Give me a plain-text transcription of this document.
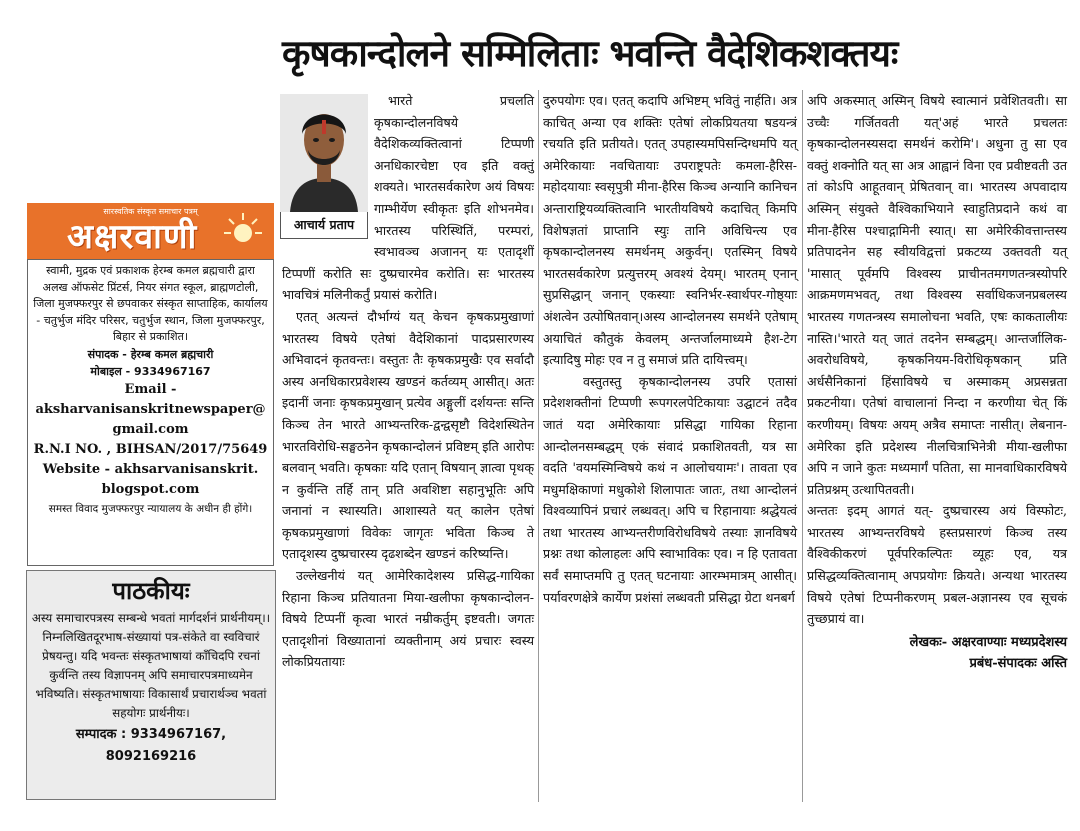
कृषकान्दोलने सम्मिलिताः भवन्ति वैदेशिकशक्तयः
सारस्वतिक संस्कृत समाचार पत्रम्
अक्षरवाणी
स्वामी, मुद्रक एवं प्रकाशक हेरम्ब कमल ब्रह्मचारी द्वारा अलख ऑफसेट प्रिंटर्स, नियर संगत स्कूल, ब्राह्मणटोली, जिला मुजफ्फरपुर से छपवाकर संस्कृत साप्ताहिक, कार्यालय - चतुर्भुज मंदिर परिसर, चतुर्भुज स्थान, जिला मुजफ्फरपुर, बिहार से प्रकाशित।
संपादक - हेरम्ब कमल ब्रह्मचारी
मोबाइल - 9334967167
Email -
aksharvanisanskritnewspaper@
gmail.com
R.N.I NO. , BIHSAN/2017/75649
Website - akhsarvanisanskrit.
blogspot.com
समस्त विवाद मुजफ्फरपुर न्यायालय के अधीन ही होंगे।
पाठकीयः
अस्य समाचारपत्रस्य सम्बन्धे भवतां मार्गदर्शनं प्रार्थनीयम्।। निम्नलिखितदूरभाष-संख्यायां पत्र-संकेते वा स्वविचारं प्रेषयन्तु। यदि भवन्तः संस्कृतभाषायां काँचिदपि रचनां कुर्वन्ति तस्य विज्ञापनम् अपि समाचारपत्रमाध्यमेन भविष्यति। संस्कृतभाषायाः विकासार्थं प्रचारार्थञ्च भवतां सहयोगः प्रार्थनीयः।
सम्पादक : 9334967167,
8092169216
आचार्य प्रताप

भारते प्रचलति कृषकान्दोलनविषये वैदेशिकव्यक्तित्वानां टिप्पणी अनधिकारचेष्टा एव इति वक्तुं शक्यते। भारतसर्वकारेण अयं विषयः गाम्भीर्येण स्वीकृतः इति शोभनमेव। भारतस्य परिस्थितिं, परम्परां, स्वभावञ्च अजानन् यः एतादृशीं टिप्पणीं करोति सः दुष्प्रचारमेव करोति। सः भारतस्य भावचित्रं मलिनीकर्तुं प्रयासं करोति।

एतत् अत्यन्तं दौर्भाग्यं यत् केचन कृषकप्रमुखाणां भारतस्य विषये एतेषां वैदेशिकानां पादप्रसारणस्य अभिवादनं कृतवन्तः। वस्तुतः तैः कृषकप्रमुखैः एव सर्वादौ अस्य अनधिकारप्रवेशस्य खण्डनं कर्तव्यम् आसीत्। अतः इदानीं जनाः कृषकप्रमुखान् प्रत्येव अङ्गुलीं दर्शयन्तः सन्ति किञ्च तेन भारते आभ्यन्तरिक-द्वन्द्वसृष्टौ विदेशस्थितेन भारतविरोधि-सङ्घठनेन कृषकान्दोलनं प्रविष्टम् इति आरोपः बलवान् भवति। कृषकाः यदि एतान् विषयान् ज्ञात्वा पृथक् न कुर्वन्ति तर्हि तान् प्रति अवशिष्टा सहानुभूतिः अपि जनानां न स्थास्यति। आशास्यते यत् कालेन एतेषां कृषकप्रमुखाणां विवेकः जागृतः भविता किञ्च ते एतादृशस्य दुष्प्रचारस्य दृढशब्देन खण्डनं करिष्यन्ति।

उल्लेखनीयं यत् आमेरिकादेशस्य प्रसिद्ध-गायिका रिहाना किञ्च प्रतियातना मिया-खलीफा कृषकान्दोलन-विषये टिप्पनीं कृत्वा भारतं नम्रीकर्तुम् इष्टवती। जगतः एतादृशीनां विख्यातानां व्यक्तीनाम् अयं प्रचारः स्वस्य लोकप्रियतायाः

दुरुपयोगः एव। एतत् कदापि अभिष्टम् भवितुं नार्हति। अत्र काचित् अन्या एव शक्तिः एतेषां लोकप्रियतया षडयन्त्रं रचयति इति प्रतीयते। एतत् उपहास्यमपिसन्दिग्धमपि यत् अमेरिकायाः नवचितायाः उपराष्ट्रपतेः कमला-हैरिस-महोदयायाः स्वसृपुत्री मीना-हैरिस किञ्च अन्यानि कानिचन अन्ताराष्ट्रियव्यक्तित्वानि भारतीयविषये कदाचित् किमपि विशेषज्ञतां प्राप्तानि स्युः तानि अविचिन्त्य एव कृषकान्दोलनस्य समर्थनम् अकुर्वन्। एतस्मिन् विषये भारतसर्वकारेण प्रत्युत्तरम् अवश्यं देयम्। भारतम् एनान् सुप्रसिद्धान् जनान् एकस्याः स्वनिर्भर-स्वार्थपर-गोष्ठ्याः अंशत्वेन उत्पोषितवान्।अस्य आन्दोलनस्य समर्थने एतेषाम् अयाचितं कौतुकं केवलम् अन्तर्जालमाध्यमे हैश-टेग इत्यादिषु मोहः एव न तु समाजं प्रति दायित्त्वम्।

वस्तुतस्तु कृषकान्दोलनस्य उपरि एतासां प्रदेशशक्तीनां टिप्पणी रूपगरलपेटिकायाः उद्घाटनं तदैव जातं यदा अमेरिकायाः प्रसिद्धा गायिका रिहाना आन्दोलनसम्बद्धम् एकं संवादं प्रकाशितवती, यत्र सा वदति 'वयमस्मिन्विषये कथं न आलोचयामः'। तावता एव मधुमक्षिकाणां मधुकोशे शिलापातः जातः, तथा आन्दोलनं विश्वव्यापिनं प्रचारं लब्धवत्। अपि च रिहानायाः श्रद्धेयत्वं तथा भारतस्य आभ्यन्तरीणविरोधविषये तस्याः ज्ञानविषये प्रश्नः तथा कोलाहलः अपि स्वाभाविकः एव। न हि एतावता सर्वं समाप्तमपि तु एतत् घटनायाः आरम्भमात्रम् आसीत्। पर्यावरणक्षेत्रे कार्येण प्रशंसां लब्धवती प्रसिद्धा ग्रेटा थनबर्ग

अपि अकस्मात् अस्मिन् विषये स्वात्मानं प्रवेशितवती। सा उच्चैः गर्जितवती यत्'अहं भारते प्रचलतः कृषकान्दोलनस्यसदा समर्थनं करोमि'। अधुना तु सा एव वक्तुं शक्नोति यत् सा अत्र आह्वानं विना एव प्रवीष्टवती उत तां कोऽपि आहूतवान् प्रेषितवान् वा। भारतस्य अपवादाय अस्मिन् संयुक्ते वैश्विकाभियाने स्वाहुतिप्रदाने कथं वा मीना-हैरिस पश्चाद्गामिनी स्यात्। सा अमेरिकीवत्तान्तस्य प्रतिपादनेन सह स्वीयविद्वत्तां प्रकटय्य उक्तवती यत् 'मासात् पूर्वमपि विश्वस्य प्राचीनतमगणतन्त्रस्योपरि आक्रमणमभवत्, तथा विश्वस्य सर्वाधिकजनप्रबलस्य भारतस्य गणतन्त्रस्य समालोचना भवति, एषः काकतालीयः नास्ति।'भारते यत् जातं तदनेन सम्बद्धम्। आन्तर्जालिक-अवरोधविषये, कृषकनियम-विरोधिकृषकान् प्रति अर्धसैनिकानां हिंसाविषये च अस्माकम् अप्रसन्नता प्रकटनीया। एतेषां वाचालानां निन्दा न करणीया चेत् किं करणीयम्। विषयः अयम् अत्रैव समाप्तः नासीत्। लेबनान-अमेरिका इति प्रदेशस्य नीलचित्राभिनेत्री मीया-खलीफा अपि न जाने कुतः मध्यमार्गं पतिता, सा मानवाधिकारविषये प्रतिप्रश्नम् उत्थापितवती।

अन्ततः इदम् आगतं यत्- दुष्प्रचारस्य अयं विस्फोटः, भारतस्य आभ्यन्तरविषये हस्तप्रसारणं किञ्च तस्य वैश्विकीकरणं पूर्वपरिकल्पितः व्यूहः एव, यत्र प्रसिद्धव्यक्तित्वानाम् अपप्रयोगः क्रियते। अन्यथा भारतस्य विषये एतेषां टिप्पनीकरणम् प्रबल-अज्ञानस्य एव सूचकं तुच्छप्रायं वा।

लेखकः- अक्षरवाण्याः मध्यप्रदेशस्य
प्रबंध-संपादकः अस्ति
